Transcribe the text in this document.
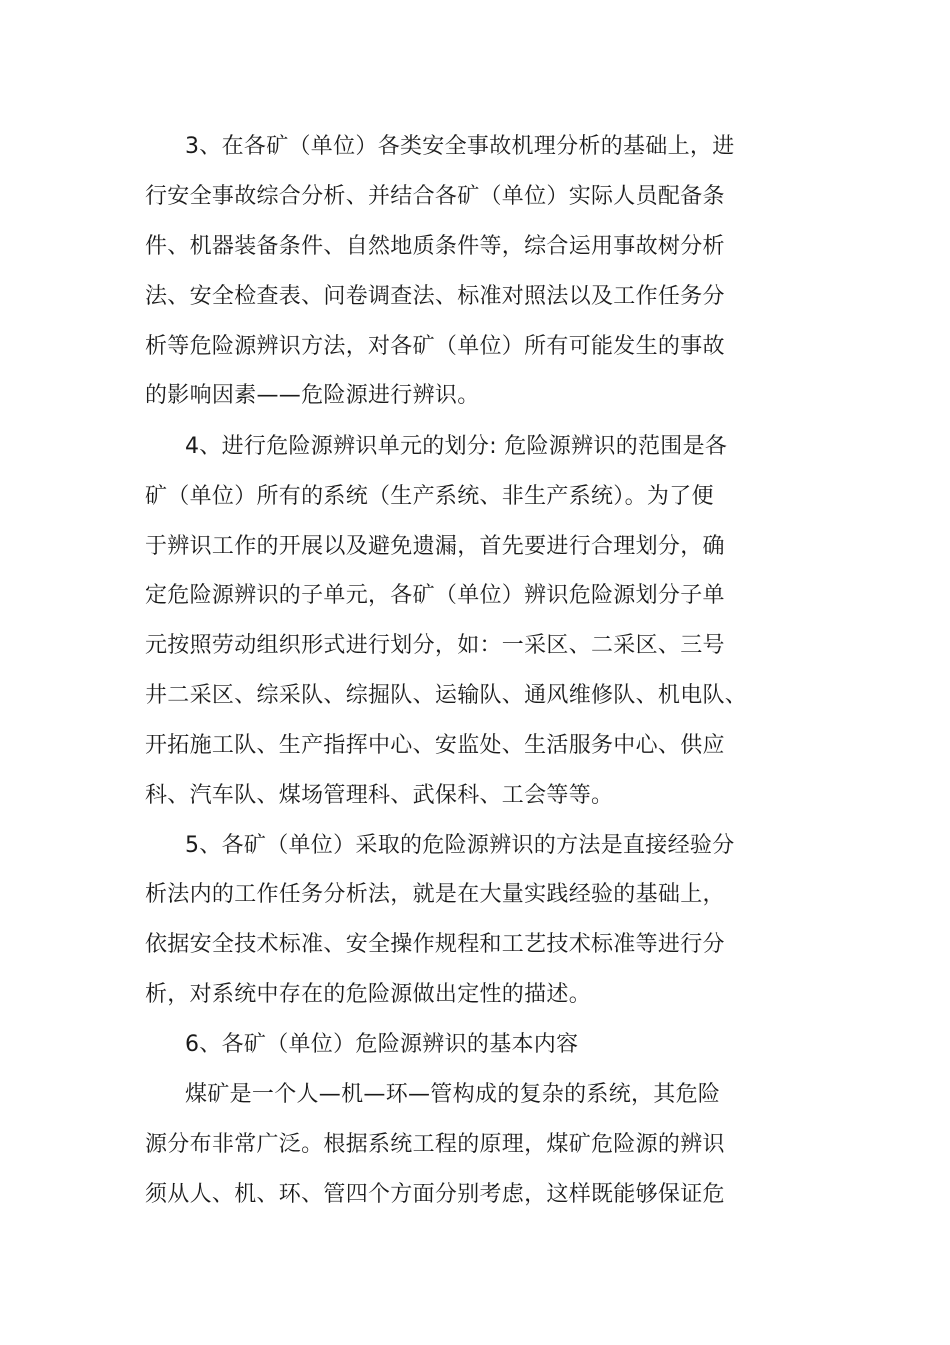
3、在各矿（单位）各类安全事故机理分析的基础上，进
行安全事故综合分析、并结合各矿（单位）实际人员配备条
件、机器装备条件、自然地质条件等，综合运用事故树分析
法、安全检查表、问卷调查法、标准对照法以及工作任务分
析等危险源辨识方法，对各矿（单位）所有可能发生的事故
的影响因素——危险源进行辨识。
4、进行危险源辨识单元的划分: 危险源辨识的范围是各
矿（单位）所有的系统（生产系统、非生产系统）。为了便
于辨识工作的开展以及避免遗漏，首先要进行合理划分，确
定危险源辨识的子单元，各矿（单位）辨识危险源划分子单
元按照劳动组织形式进行划分，如：一采区、二采区、三号
井二采区、综采队、综掘队、运输队、通风维修队、机电队、
开拓施工队、生产指挥中心、安监处、生活服务中心、供应
科、汽车队、煤场管理科、武保科、工会等等。
5、各矿（单位）采取的危险源辨识的方法是直接经验分
析法内的工作任务分析法，就是在大量实践经验的基础上，
依据安全技术标准、安全操作规程和工艺技术标准等进行分
析，对系统中存在的危险源做出定性的描述。
6、各矿（单位）危险源辨识的基本内容
煤矿是一个人—机—环—管构成的复杂的系统，其危险
源分布非常广泛。根据系统工程的原理，煤矿危险源的辨识
须从人、机、环、管四个方面分别考虑，这样既能够保证危
